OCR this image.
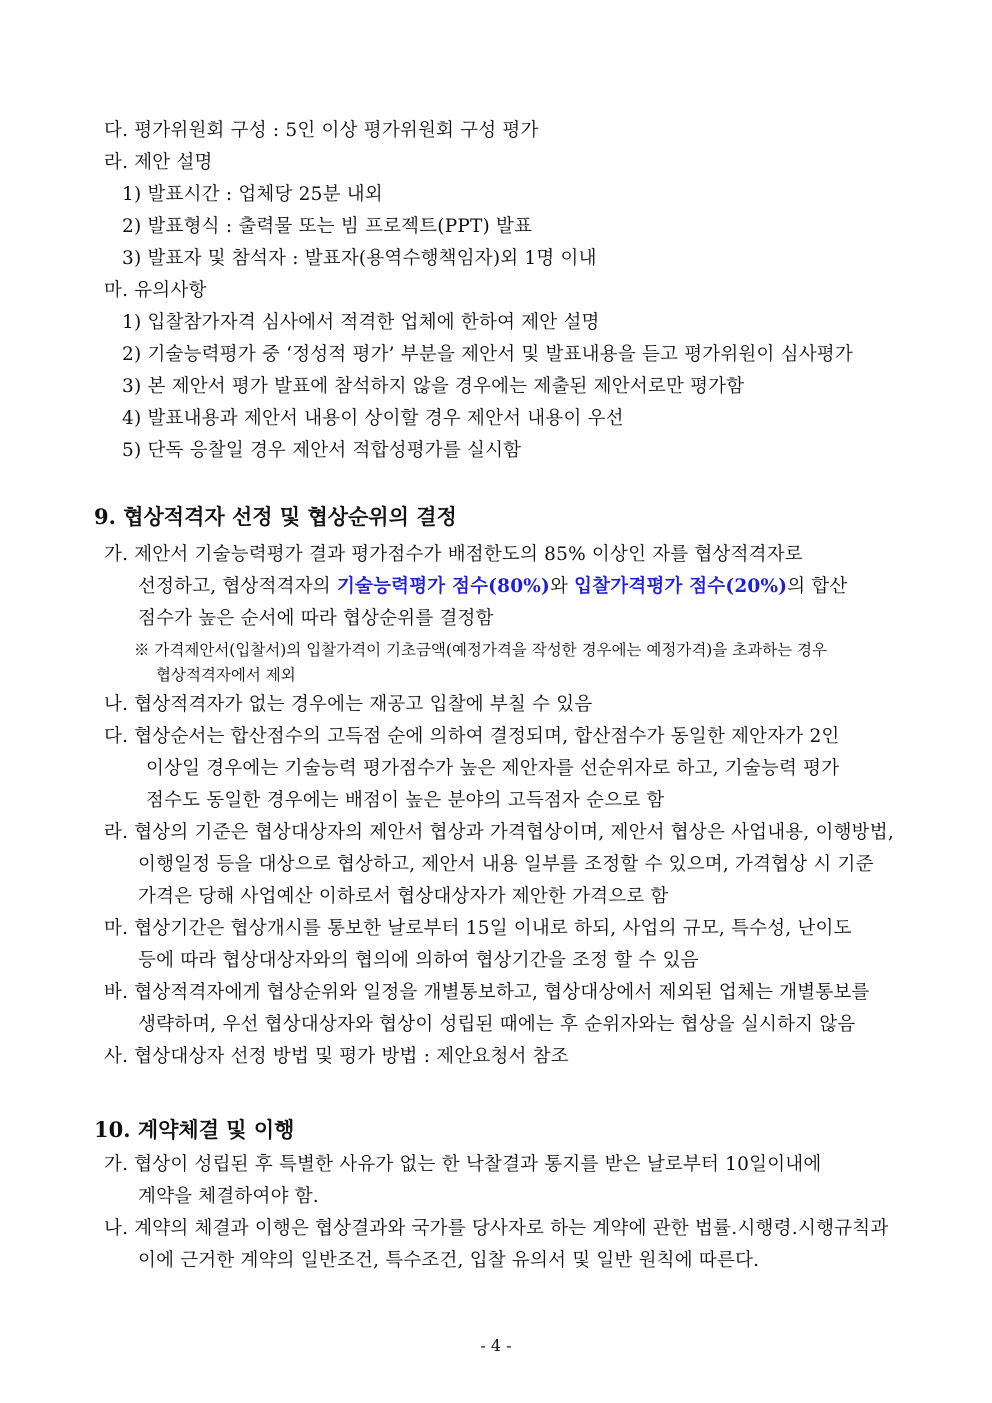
다. 평가위원회 구성 : 5인 이상 평가위원회 구성 평가
라. 제안 설명
1) 발표시간 : 업체당 25분 내외
2) 발표형식 : 출력물 또는 빔 프로젝트(PPT) 발표
3) 발표자 및 참석자 : 발표자(용역수행책임자)외 1명 이내
마. 유의사항
1) 입찰참가자격 심사에서 적격한 업체에 한하여 제안 설명
2) 기술능력평가 중 ‘정성적 평가’ 부분을 제안서 및 발표내용을 듣고 평가위원이 심사평가
3) 본 제안서 평가 발표에 참석하지 않을 경우에는 제출된 제안서로만 평가함
4) 발표내용과 제안서 내용이 상이할 경우 제안서 내용이 우선
5) 단독 응찰일 경우 제안서 적합성평가를 실시함
9. 협상적격자 선정 및 협상순위의 결정
가. 제안서 기술능력평가 결과 평가점수가 배점한도의 85% 이상인 자를 협상적격자로
선정하고, 협상적격자의 기술능력평가 점수(80%)와 입찰가격평가 점수(20%)의 합산
점수가 높은 순서에 따라 협상순위를 결정함
※ 가격제안서(입찰서)의 입찰가격이 기초금액(예정가격을 작성한 경우에는 예정가격)을 초과하는 경우
협상적격자에서 제외
나. 협상적격자가 없는 경우에는 재공고 입찰에 부칠 수 있음
다. 협상순서는 합산점수의 고득점 순에 의하여 결정되며, 합산점수가 동일한 제안자가 2인
이상일 경우에는 기술능력 평가점수가 높은 제안자를 선순위자로 하고, 기술능력 평가
점수도 동일한 경우에는 배점이 높은 분야의 고득점자 순으로 함
라. 협상의 기준은 협상대상자의 제안서 협상과 가격협상이며, 제안서 협상은 사업내용, 이행방법,
이행일정 등을 대상으로 협상하고, 제안서 내용 일부를 조정할 수 있으며, 가격협상 시 기준
가격은 당해 사업예산 이하로서 협상대상자가 제안한 가격으로 함
마. 협상기간은 협상개시를 통보한 날로부터 15일 이내로 하되, 사업의 규모, 특수성, 난이도
등에 따라 협상대상자와의 협의에 의하여 협상기간을 조정 할 수 있음
바. 협상적격자에게 협상순위와 일정을 개별통보하고, 협상대상에서 제외된 업체는 개별통보를
생략하며, 우선 협상대상자와 협상이 성립된 때에는 후 순위자와는 협상을 실시하지 않음
사. 협상대상자 선정 방법 및 평가 방법 : 제안요청서 참조
10. 계약체결 및 이행
가. 협상이 성립된 후 특별한 사유가 없는 한 낙찰결과 통지를 받은 날로부터 10일이내에
계약을 체결하여야 함.
나. 계약의 체결과 이행은 협상결과와 국가를 당사자로 하는 계약에 관한 법률․시행령․시행규칙과
이에 근거한 계약의 일반조건, 특수조건, 입찰 유의서 및 일반 원칙에 따른다.
- 4 -
